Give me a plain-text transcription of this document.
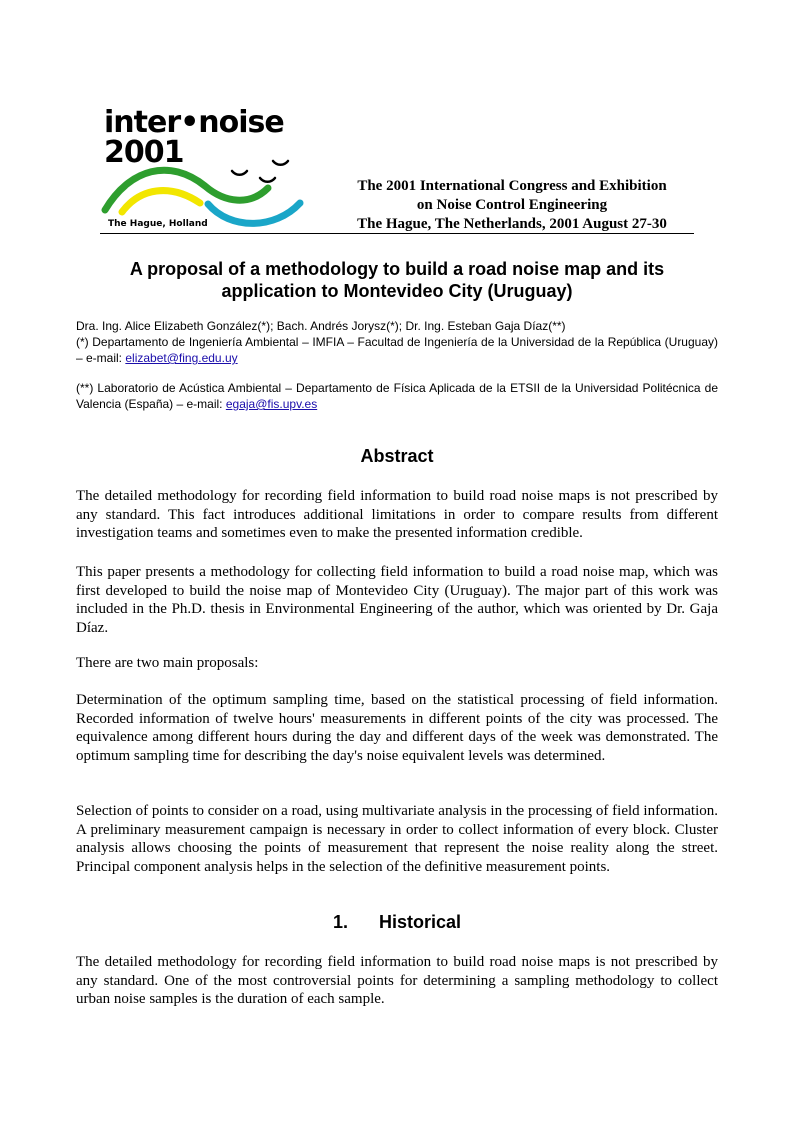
inter•noise 2001
The Hague, Holland
The 2001 International Congress and Exhibition
on Noise Control Engineering
The Hague, The Netherlands, 2001 August 27-30
A proposal of a methodology to build a road noise map and its
application to Montevideo City (Uruguay)

Dra. Ing. Alice Elizabeth González(*); Bach. Andrés Jorysz(*); Dr. Ing. Esteban Gaja Díaz(**)

(*) Departamento de Ingeniería Ambiental – IMFIA – Facultad de Ingeniería de la Universidad de la República (Uruguay) – e-mail: elizabet@fing.edu.uy

(**) Laboratorio de Acústica Ambiental – Departamento de Física Aplicada de la ETSII de la Universidad Politécnica de Valencia (España) – e-mail: egaja@fis.upv.es

Abstract

The detailed methodology for recording field information to build road noise maps is not prescribed by any standard. This fact introduces additional limitations in order to compare results from different investigation teams and sometimes even to make the presented information credible.

This paper presents a methodology for collecting field information to build a road noise map, which was first developed to build the noise map of Montevideo City (Uruguay). The major part of this work was included in the Ph.D. thesis in Environmental Engineering of the author, which was oriented by Dr. Gaja Díaz.

There are two main proposals:

Determination of the optimum sampling time, based on the statistical processing of field information. Recorded information of twelve hours' measurements in different points of the city was processed. The equivalence among different hours during the day and different days of the week was demonstrated. The optimum sampling time for describing the day's noise equivalent levels was determined.

Selection of points to consider on a road, using multivariate analysis in the processing of field information. A preliminary measurement campaign is necessary in order to collect information of every block. Cluster analysis allows choosing the points of measurement that represent the noise reality along the street. Principal component analysis helps in the selection of the definitive measurement points.

1. Historical

The detailed methodology for recording field information to build road noise maps is not prescribed by any standard. One of the most controversial points for determining a sampling methodology to collect urban noise samples is the duration of each sample.
